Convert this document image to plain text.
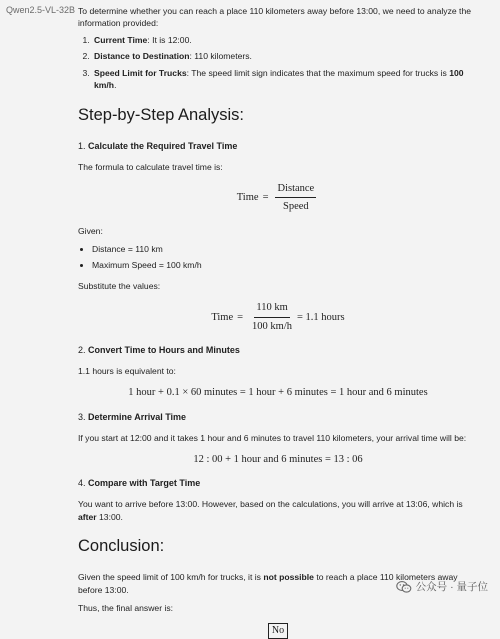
Qwen2.5-VL-32B To determine whether you can reach a place 110 kilometers away before 13:00, we need to analyze the information provided:

1. Current Time: It is 12:00.
2. Distance to Destination: 110 kilometers.
3. Speed Limit for Trucks: The speed limit sign indicates that the maximum speed for trucks is 100 km/h.
Step-by-Step Analysis:
1. Calculate the Required Travel Time

The formula to calculate travel time is:

Time = $\frac{\text{Distance}}{\text{Speed}}$

Given:

• Distance = 110 km
• Maximum Speed = 100 km/h

Substitute the values:

Time = $\frac{110 km}{100 km/h} = 1.1$ hours
2. Convert Time to Hours and Minutes

1.1 hours is equivalent to:

1 hour + 0.1 × 60 minutes = 1 hour + 6 minutes = 1 hour and 6 minutes
3. Determine Arrival Time

If you start at 12:00 and it takes 1 hour and 6 minutes to travel 110 kilometers, your arrival time will be:

12 : 00 + 1 hour and 6 minutes = 13 : 06
4. Compare with Target Time

You want to arrive before 13:00. However, based on the calculations, you will arrive at 13:06, which is after 13:00.

Conclusion:

Given the speed limit of 100 km/h for trucks, it is not possible to reach a place 110 kilometers away before 13:00.

Thus, the final answer is:

No
公众号 · 量子位
